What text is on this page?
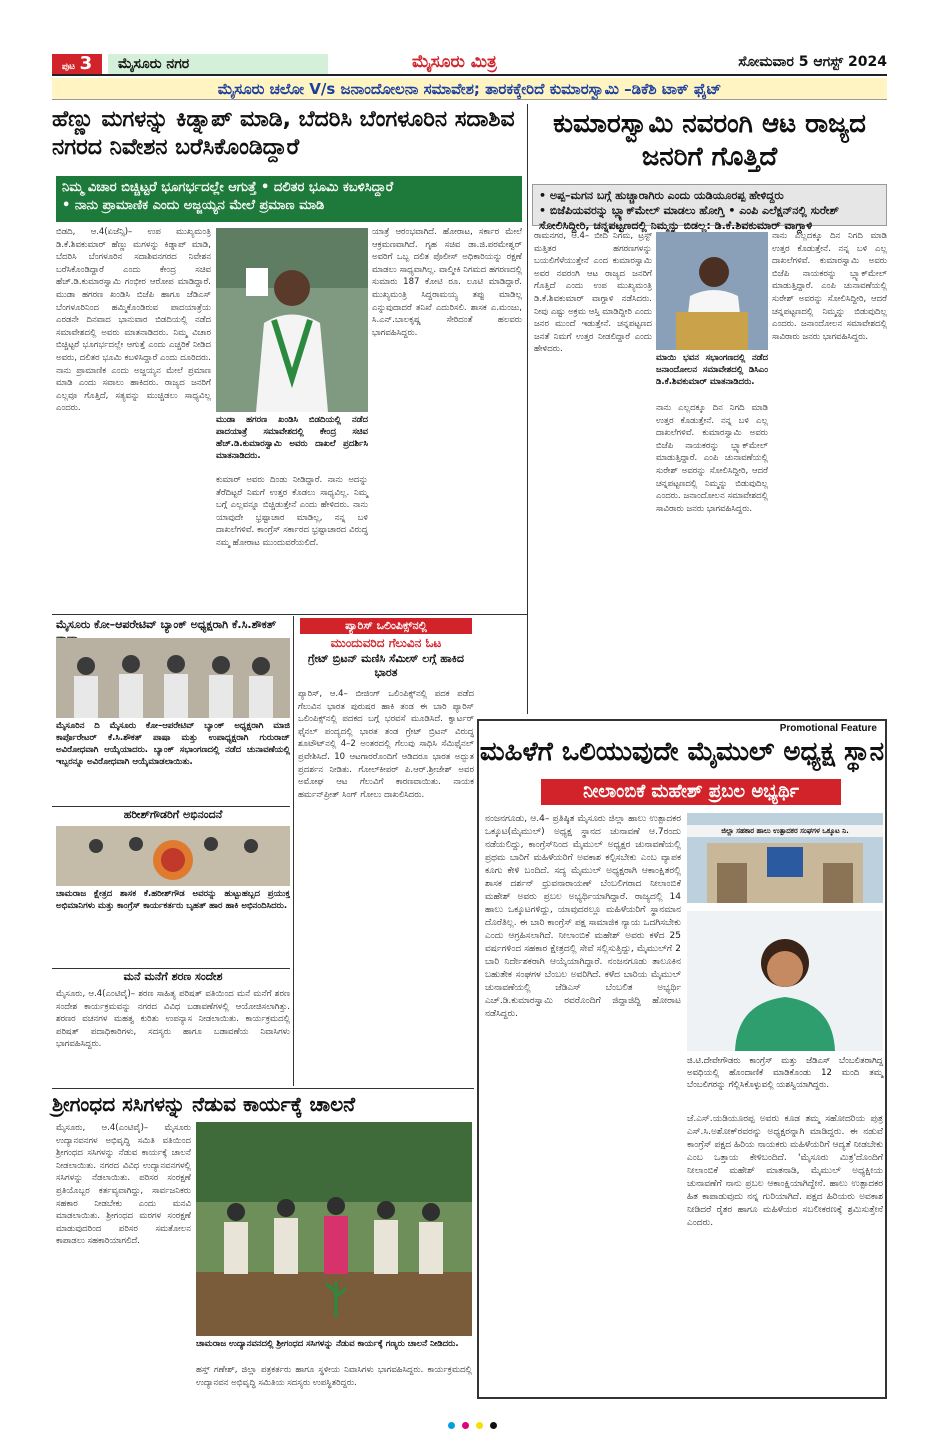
ಪುಟ 3	ಮೈಸೂರು ನಗರ	ಮೈಸೂರು ಮಿತ್ರ	ಸೋಮವಾರ 5 ಆಗಸ್ಟ್ 2024
ಮೈಸೂರು ಚಲೋ V/s ಜನಾಂದೋಲನಾ ಸಮಾವೇಶ; ತಾರಕಕ್ಕೇರಿದೆ ಕುಮಾರಸ್ವಾಮಿ –ಡಿಕೆಶಿ ಟಾಕ್ ಫೈಟ್
ಹೆಣ್ಣು ಮಗಳನ್ನು ಕಿಡ್ನಾಪ್ ಮಾಡಿ, ಬೆದರಿಸಿ ಬೆಂಗಳೂರಿನ ಸದಾಶಿವ ನಗರದ ನಿವೇಶನ ಬರೆಸಿಕೊಂಡಿದ್ದಾರೆ
ನಿಮ್ಮ ವಿಚಾರ ಬಿಚ್ಚಿಟ್ಟರೆ ಭೂಗರ್ಭದಲ್ಲೇ ಆಗುತ್ತೆ • ದಲಿತರ ಭೂಮಿ ಕಬಳಿಸಿದ್ದಾರೆ
• ನಾನು ಪ್ರಾಮಾಣಿಕ ಎಂದು ಅಜ್ಜಯ್ಯನ ಮೇಲೆ ಪ್ರಮಾಣ ಮಾಡಿ
ಬಿಡದಿ, ಆ.4(ಏಜೆನ್ಸಿ)– ಉಪ ಮುಖ್ಯಮಂತ್ರಿ ಡಿ.ಕೆ.ಶಿವಕುಮಾರ್ ಹೆಣ್ಣು ಮಗಳನ್ನು ಕಿಡ್ನಾಪ್ ಮಾಡಿ, ಬೆದರಿಸಿ ಬೆಂಗಳೂರಿನ ಸದಾಶಿವನಗರದ ನಿವೇಶನ ಬರೆಸಿಕೊಂಡಿದ್ದಾರೆ ಎಂದು ಕೇಂದ್ರ ಸಚಿವ ಹೆಚ್.ಡಿ.ಕುಮಾರಸ್ವಾಮಿ ಗಂಭೀರ ಆರೋಪ ಮಾಡಿದ್ದಾರೆ. ಮುಡಾ ಹಗರಣ ಖಂಡಿಸಿ ಬಿಜೆಪಿ ಹಾಗೂ ಜೆಡಿಎಸ್ ಬೆಂಗಳೂರಿನಿಂದ ಹಮ್ಮಿಕೊಂಡಿರುವ ಪಾದಯಾತ್ರೆಯ ಎರಡನೇ ದಿನವಾದ ಭಾನುವಾರ ಬಿಡದಿಯಲ್ಲಿ ನಡೆದ ಸಮಾವೇಶದಲ್ಲಿ ಅವರು ಮಾತನಾಡಿದರು. ನಿಮ್ಮ ವಿಚಾರ ಬಿಚ್ಚಿಟ್ಟರೆ ಭೂಗರ್ಭದಲ್ಲೇ ಆಗುತ್ತೆ ಎಂದು ಎಚ್ಚರಿಕೆ ನೀಡಿದ ಅವರು, ದಲಿತರ ಭೂಮಿ ಕಬಳಿಸಿದ್ದಾರೆ ಎಂದು ದೂರಿದರು. ನಾನು ಪ್ರಾಮಾಣಿಕ ಎಂದು ಅಜ್ಜಯ್ಯನ ಮೇಲೆ ಪ್ರಮಾಣ ಮಾಡಿ ಎಂದು ಸವಾಲು ಹಾಕಿದರು. ರಾಜ್ಯದ ಜನರಿಗೆ ಎಲ್ಲವೂ ಗೊತ್ತಿದೆ, ಸತ್ಯವನ್ನು ಮುಚ್ಚಿಡಲು ಸಾಧ್ಯವಿಲ್ಲ ಎಂದರು.
ಮುಡಾ ಹಗರಣ ಖಂಡಿಸಿ ಬಿಡದಿಯಲ್ಲಿ ನಡೆದ ಪಾದಯಾತ್ರೆ ಸಮಾವೇಶದಲ್ಲಿ ಕೇಂದ್ರ ಸಚಿವ ಹೆಚ್.ಡಿ.ಕುಮಾರಸ್ವಾಮಿ ಅವರು ದಾಖಲೆ ಪ್ರದರ್ಶಿಸಿ ಮಾತನಾಡಿದರು.
ಕುಮಾರ್ ಅವರು ದಿಂಡು ನೀಡಿದ್ದಾರೆ. ನಾನು ಅದನ್ನು ತೆರೆದಿಟ್ಟರೆ ನಿಮಗೆ ಉತ್ತರ ಕೊಡಲು ಸಾಧ್ಯವಿಲ್ಲ. ನಿಮ್ಮ ಬಗ್ಗೆ ಎಲ್ಲವನ್ನೂ ಬಿಚ್ಚಿಡುತ್ತೇನೆ ಎಂದು ಹೇಳಿದರು. ನಾನು ಯಾವುದೇ ಭ್ರಷ್ಟಾಚಾರ ಮಾಡಿಲ್ಲ, ನನ್ನ ಬಳಿ ದಾಖಲೆಗಳಿವೆ. ಕಾಂಗ್ರೆಸ್ ಸರ್ಕಾರದ ಭ್ರಷ್ಟಾಚಾರದ ವಿರುದ್ಧ ನಮ್ಮ ಹೋರಾಟ ಮುಂದುವರೆಯಲಿದೆ.
ಯಾತ್ರೆ ಆರಂಭವಾಗಿದೆ. ಹೋರಾಟ, ಸರ್ಕಾರ ಮೇಲೆ ಆಕ್ರಮಣವಾಗಿದೆ. ಗೃಹ ಸಚಿವ ಡಾ.ಜಿ.ಪರಮೇಶ್ವರ್ ಅವರಿಗೆ ಒಬ್ಬ ದಲಿತ ಪೊಲೀಸ್ ಅಧಿಕಾರಿಯನ್ನು ರಕ್ಷಣೆ ಮಾಡಲು ಸಾಧ್ಯವಾಗಿಲ್ಲ. ವಾಲ್ಮೀಕಿ ನಿಗಮದ ಹಗರಣದಲ್ಲಿ ಸುಮಾರು 187 ಕೋಟಿ ರೂ. ಲೂಟಿ ಮಾಡಿದ್ದಾರೆ. ಮುಖ್ಯಮಂತ್ರಿ ಸಿದ್ದರಾಮಯ್ಯ ತಪ್ಪು ಮಾಡಿಲ್ಲ ಎನ್ನುವುದಾದರೆ ತನಿಖೆ ಎದುರಿಸಲಿ. ಶಾಸಕ ಎ.ಮಂಜು, ಸಿ.ಎನ್.ಬಾಲಕೃಷ್ಣ ಸೇರಿದಂತೆ ಹಲವರು ಭಾಗವಹಿಸಿದ್ದರು.
ಕುಮಾರಸ್ವಾಮಿ ನವರಂಗಿ ಆಟ ರಾಜ್ಯದ ಜನರಿಗೆ ಗೊತ್ತಿದೆ
• ಅಪ್ಪ–ಮಗನ ಬಗ್ಗೆ ಹುಚ್ಚಾರಾಗಿರು ಎಂದು ಯಡಿಯೂರಪ್ಪ ಹೇಳಿದ್ದರು
• ಬಿಜೆಪಿಯವರನ್ನು ಬ್ಲ್ಯಾಕ್‌ಮೇಲ್ ಮಾಡಲು ಹೋಗ್ತಿ • ಎಂಪಿ ಎಲೆಕ್ಷನ್‌ನಲ್ಲಿ ಸುರೇಶ್ ಸೋಲಿಸಿದ್ದೀರಿ, ಚನ್ನಪಟ್ಟಣದಲ್ಲಿ ನಿಮ್ಮನ್ನು ಬಿಡಲ್ಲ: ಡಿ.ಕೆ.ಶಿವಕುಮಾರ್ ವಾಗ್ದಾಳಿ
ರಾಮನಗರ, ಆ.4– ಬೀದಿ ನಿಗಮ, ಟ್ರಸ್ಟ್ ಮತ್ತಿತರ ಹಗರಣಗಳನ್ನು ಬಯಲಿಗೆಳೆಯುತ್ತೇನೆ ಎಂದ ಕುಮಾರಸ್ವಾಮಿ ಅವರ ನವರಂಗಿ ಆಟ ರಾಜ್ಯದ ಜನರಿಗೆ ಗೊತ್ತಿದೆ ಎಂದು ಉಪ ಮುಖ್ಯಮಂತ್ರಿ ಡಿ.ಕೆ.ಶಿವಕುಮಾರ್ ವಾಗ್ದಾಳಿ ನಡೆಸಿದರು. ನೀವು ಎಷ್ಟು ಅಕ್ರಮ ಆಸ್ತಿ ಮಾಡಿದ್ದೀರಿ ಎಂದು ಜನರ ಮುಂದೆ ಇಡುತ್ತೇನೆ. ಚನ್ನಪಟ್ಟಣದ ಜನತೆ ನಿಮಗೆ ಉತ್ತರ ನೀಡಲಿದ್ದಾರೆ ಎಂದು ಹೇಳಿದರು.
ಮಾಯಿ ಭವನ ಸಭಾಂಗಣದಲ್ಲಿ ನಡೆದ ಜನಾಂದೋಲನ ಸಮಾವೇಶದಲ್ಲಿ ಡಿಸಿಎಂ ಡಿ.ಕೆ.ಶಿವಕುಮಾರ್ ಮಾತನಾಡಿದರು.
ನಾನು ಎಲ್ಲದಕ್ಕೂ ದಿನ ನಿಗದಿ ಮಾಡಿ ಉತ್ತರ ಕೊಡುತ್ತೇನೆ. ನನ್ನ ಬಳಿ ಎಲ್ಲ ದಾಖಲೆಗಳಿವೆ. ಕುಮಾರಸ್ವಾಮಿ ಅವರು ಬಿಜೆಪಿ ನಾಯಕರನ್ನು ಬ್ಲ್ಯಾಕ್‌ಮೇಲ್ ಮಾಡುತ್ತಿದ್ದಾರೆ. ಎಂಪಿ ಚುನಾವಣೆಯಲ್ಲಿ ಸುರೇಶ್ ಅವರನ್ನು ಸೋಲಿಸಿದ್ದೀರಿ, ಆದರೆ ಚನ್ನಪಟ್ಟಣದಲ್ಲಿ ನಿಮ್ಮನ್ನು ಬಿಡುವುದಿಲ್ಲ ಎಂದರು. ಜನಾಂದೋಲನ ಸಮಾವೇಶದಲ್ಲಿ ಸಾವಿರಾರು ಜನರು ಭಾಗವಹಿಸಿದ್ದರು.
ನಾನು ಎಲ್ಲದಕ್ಕೂ ದಿನ ನಿಗದಿ ಮಾಡಿ ಉತ್ತರ ಕೊಡುತ್ತೇನೆ. ನನ್ನ ಬಳಿ ಎಲ್ಲ ದಾಖಲೆಗಳಿವೆ. ಕುಮಾರಸ್ವಾಮಿ ಅವರು ಬಿಜೆಪಿ ನಾಯಕರನ್ನು ಬ್ಲ್ಯಾಕ್‌ಮೇಲ್ ಮಾಡುತ್ತಿದ್ದಾರೆ. ಎಂಪಿ ಚುನಾವಣೆಯಲ್ಲಿ ಸುರೇಶ್ ಅವರನ್ನು ಸೋಲಿಸಿದ್ದೀರಿ, ಆದರೆ ಚನ್ನಪಟ್ಟಣದಲ್ಲಿ ನಿಮ್ಮನ್ನು ಬಿಡುವುದಿಲ್ಲ ಎಂದರು. ಜನಾಂದೋಲನ ಸಮಾವೇಶದಲ್ಲಿ ಸಾವಿರಾರು ಜನರು ಭಾಗವಹಿಸಿದ್ದರು.
ಮೈಸೂರು ಕೋ–ಆಪರೇಟಿವ್ ಬ್ಯಾಂಕ್ ಅಧ್ಯಕ್ಷರಾಗಿ ಕೆ.ಸಿ.ಶೌಕತ್
ಮೈಸೂರಿನ ದಿ ಮೈಸೂರು ಕೋ–ಆಪರೇಟಿವ್ ಬ್ಯಾಂಕ್ ಅಧ್ಯಕ್ಷರಾಗಿ ಮಾಜಿ ಕಾರ್ಪೊರೇಟರ್ ಕೆ.ಸಿ.ಶೌಕತ್ ಪಾಷಾ ಮತ್ತು ಉಪಾಧ್ಯಕ್ಷರಾಗಿ ಗುರುರಾಜ್ ಅವಿರೋಧವಾಗಿ ಆಯ್ಕೆಯಾದರು. ಬ್ಯಾಂಕ್ ಸಭಾಂಗಣದಲ್ಲಿ ನಡೆದ ಚುನಾವಣೆಯಲ್ಲಿ ಇಬ್ಬರನ್ನೂ ಅವಿರೋಧವಾಗಿ ಆಯ್ಕೆಮಾಡಲಾಯಿತು.
ಹರೀಶ್‌ಗೌಡರಿಗೆ ಅಭಿನಂದನೆ
ಚಾಮರಾಜ ಕ್ಷೇತ್ರದ ಶಾಸಕ ಕೆ.ಹರೀಶ್‌ಗೌಡ ಅವರನ್ನು ಹುಟ್ಟುಹಬ್ಬದ ಪ್ರಯುಕ್ತ ಅಭಿಮಾನಿಗಳು ಮತ್ತು ಕಾಂಗ್ರೆಸ್ ಕಾರ್ಯಕರ್ತರು ಬೃಹತ್ ಹಾರ ಹಾಕಿ ಅಭಿನಂದಿಸಿದರು.
ಮನೆ ಮನೆಗೆ ಶರಣ ಸಂದೇಶ
ಮೈಸೂರು, ಆ.4(ಎಂಟಿವೈ)– ಶರಣ ಸಾಹಿತ್ಯ ಪರಿಷತ್ ವತಿಯಿಂದ ಮನೆ ಮನೆಗೆ ಶರಣ ಸಂದೇಶ ಕಾರ್ಯಕ್ರಮವನ್ನು ನಗರದ ವಿವಿಧ ಬಡಾವಣೆಗಳಲ್ಲಿ ಆಯೋಜಿಸಲಾಗಿತ್ತು. ಶರಣರ ವಚನಗಳ ಮಹತ್ವ ಕುರಿತು ಉಪನ್ಯಾಸ ನೀಡಲಾಯಿತು. ಕಾರ್ಯಕ್ರಮದಲ್ಲಿ ಪರಿಷತ್ ಪದಾಧಿಕಾರಿಗಳು, ಸದಸ್ಯರು ಹಾಗೂ ಬಡಾವಣೆಯ ನಿವಾಸಿಗಳು ಭಾಗವಹಿಸಿದ್ದರು.
ಪ್ಯಾರಿಸ್ ಒಲಿಂಪಿಕ್ಸ್‌ನಲ್ಲಿ
ಮುಂದುವರಿದ ಗೆಲುವಿನ ಓಟ
ಗ್ರೇಟ್ ಬ್ರಿಟನ್ ಮಣಿಸಿ ಸೆಮೀಸ್ ಲಗ್ಗೆ ಹಾಕಿದ ಭಾರತ
ಪ್ಯಾರಿಸ್, ಆ.4– ಬೀಜಿಂಗ್ ಒಲಿಂಪಿಕ್ಸ್‌ನಲ್ಲಿ ಪದಕ ಪಡೆದ ಗೆಲುವಿನ ಭಾರತ ಪುರುಷರ ಹಾಕಿ ತಂಡ ಈ ಬಾರಿ ಪ್ಯಾರಿಸ್ ಒಲಿಂಪಿಕ್ಸ್‌ನಲ್ಲಿ ಪದಕದ ಬಗ್ಗೆ ಭರವಸೆ ಮೂಡಿಸಿದೆ. ಕ್ವಾರ್ಟರ್ ಫೈನಲ್ ಪಂದ್ಯದಲ್ಲಿ ಭಾರತ ತಂಡ ಗ್ರೇಟ್ ಬ್ರಿಟನ್ ವಿರುದ್ಧ ಶೂಟೌಟ್‌ನಲ್ಲಿ 4–2 ಅಂತರದಲ್ಲಿ ಗೆಲುವು ಸಾಧಿಸಿ ಸೆಮಿಫೈನಲ್ ಪ್ರವೇಶಿಸಿದೆ. 10 ಆಟಗಾರರೊಂದಿಗೆ ಆಡಿದರೂ ಭಾರತ ಅದ್ಭುತ ಪ್ರದರ್ಶನ ನೀಡಿತು. ಗೋಲ್‌ಕೀಪರ್ ಪಿ.ಆರ್.ಶ್ರೀಜೇಶ್ ಅವರ ಅಮೋಘ ಆಟ ಗೆಲುವಿಗೆ ಕಾರಣವಾಯಿತು. ನಾಯಕ ಹರ್ಮನ್‌ಪ್ರೀತ್ ಸಿಂಗ್ ಗೋಲು ದಾಖಲಿಸಿದರು.
ಶ್ರೀಗಂಧದ ಸಸಿಗಳನ್ನು ನೆಡುವ ಕಾರ್ಯಕ್ಕೆ ಚಾಲನೆ
ಮೈಸೂರು, ಆ.4(ಎಂಟಿವೈ)– ಮೈಸೂರು ಉದ್ಯಾನವನಗಳ ಅಭಿವೃದ್ಧಿ ಸಮಿತಿ ವತಿಯಿಂದ ಶ್ರೀಗಂಧದ ಸಸಿಗಳನ್ನು ನೆಡುವ ಕಾರ್ಯಕ್ಕೆ ಚಾಲನೆ ನೀಡಲಾಯಿತು. ನಗರದ ವಿವಿಧ ಉದ್ಯಾನವನಗಳಲ್ಲಿ ಸಸಿಗಳನ್ನು ನೆಡಲಾಯಿತು. ಪರಿಸರ ಸಂರಕ್ಷಣೆ ಪ್ರತಿಯೊಬ್ಬರ ಕರ್ತವ್ಯವಾಗಿದ್ದು, ಸಾರ್ವಜನಿಕರು ಸಹಕಾರ ನೀಡಬೇಕು ಎಂದು ಮನವಿ ಮಾಡಲಾಯಿತು. ಶ್ರೀಗಂಧದ ಮರಗಳ ಸಂರಕ್ಷಣೆ ಮಾಡುವುದರಿಂದ ಪರಿಸರ ಸಮತೋಲನ ಕಾಪಾಡಲು ಸಹಕಾರಿಯಾಗಲಿದೆ.
ಚಾಮರಾಜ ಉದ್ಯಾನವನದಲ್ಲಿ ಶ್ರೀಗಂಧದ ಸಸಿಗಳನ್ನು ನೆಡುವ ಕಾರ್ಯಕ್ಕೆ ಗಣ್ಯರು ಚಾಲನೆ ನೀಡಿದರು.
ಹಸ್ತ್ ಗಣೇಶ್, ಜಿಲ್ಲಾ ಪತ್ರಕರ್ತರು ಹಾಗೂ ಸ್ಥಳೀಯ ನಿವಾಸಿಗಳು ಭಾಗವಹಿಸಿದ್ದರು. ಕಾರ್ಯಕ್ರಮದಲ್ಲಿ ಉದ್ಯಾನವನ ಅಭಿವೃದ್ಧಿ ಸಮಿತಿಯ ಸದಸ್ಯರು ಉಪಸ್ಥಿತರಿದ್ದರು.
Promotional Feature
ಮಹಿಳೆಗೆ ಒಲಿಯುವುದೇ ಮೈಮುಲ್ ಅಧ್ಯಕ್ಷ ಸ್ಥಾನ
ನೀಲಾಂಬಿಕೆ ಮಹೇಶ್ ಪ್ರಬಲ ಅಭ್ಯರ್ಥಿ
ನಂಜನಗೂಡು, ಆ.4– ಪ್ರತಿಷ್ಠಿತ ಮೈಸೂರು ಜಿಲ್ಲಾ ಹಾಲು ಉತ್ಪಾದಕರ ಒಕ್ಕೂಟ(ಮೈಮುಲ್) ಅಧ್ಯಕ್ಷ ಸ್ಥಾನದ ಚುನಾವಣೆ ಆ.7ರಂದು ನಡೆಯಲಿದ್ದು, ಕಾಂಗ್ರೆಸ್‌ನಿಂದ ಮೈಮುಲ್ ಅಧ್ಯಕ್ಷರ ಚುನಾವಣೆಯಲ್ಲಿ ಪ್ರಥಮ ಬಾರಿಗೆ ಮಹಿಳೆಯರಿಗೆ ಅವಕಾಶ ಕಲ್ಪಿಸಬೇಕು ಎಂಬ ವ್ಯಾಪಕ ಕೂಗು ಕೇಳಿ ಬಂದಿದೆ. ಸದ್ಯ ಮೈಮುಲ್ ಅಧ್ಯಕ್ಷರಾಗಿ ಆಕಾಂಕ್ಷಿತರಲ್ಲಿ ಶಾಸಕ ದರ್ಶನ್ ಧ್ರುವನಾರಾಯಣ್ ಬೆಂಬಲಿಗರಾದ ನೀಲಾಂಬಿಕೆ ಮಹೇಶ್ ಅವರು ಪ್ರಬಲ ಅಭ್ಯರ್ಥಿಯಾಗಿದ್ದಾರೆ. ರಾಜ್ಯದಲ್ಲಿ 14 ಹಾಲು ಒಕ್ಕೂಟಗಳಿದ್ದು, ಯಾವುದರಲ್ಲೂ ಮಹಿಳೆಯರಿಗೆ ಸ್ಥಾನಮಾನ ದೊರೆತಿಲ್ಲ. ಈ ಬಾರಿ ಕಾಂಗ್ರೆಸ್ ಪಕ್ಷ ಸಾಮಾಜಿಕ ನ್ಯಾಯ ಒದಗಿಸಬೇಕು ಎಂದು ಆಗ್ರಹಿಸಲಾಗಿದೆ. ನೀಲಾಂಬಿಕೆ ಮಹೇಶ್ ಅವರು ಕಳೆದ 25 ವರ್ಷಗಳಿಂದ ಸಹಕಾರ ಕ್ಷೇತ್ರದಲ್ಲಿ ಸೇವೆ ಸಲ್ಲಿಸುತ್ತಿದ್ದು, ಮೈಮುಲ್‌ಗೆ 2 ಬಾರಿ ನಿರ್ದೇಶಕರಾಗಿ ಆಯ್ಕೆಯಾಗಿದ್ದಾರೆ. ನಂಜನಗೂಡು ತಾಲೂಕಿನ ಬಹುತೇಕ ಸಂಘಗಳ ಬೆಂಬಲ ಅವರಿಗಿದೆ. ಕಳೆದ ಬಾರಿಯ ಮೈಮುಲ್ ಚುನಾವಣೆಯಲ್ಲಿ ಜೆಡಿಎಸ್ ಬೆಂಬಲಿತ ಅಭ್ಯರ್ಥಿ ಎಚ್.ಡಿ.ಕುಮಾರಸ್ವಾಮಿ ರವರೊಂದಿಗೆ ಜಿದ್ದಾಜಿದ್ದಿ ಹೋರಾಟ ನಡೆಸಿದ್ದರು.
ಜಿಲ್ಲಾ ಸಹಕಾರ ಹಾಲು ಉತ್ಪಾದಕರ ಸಂಘಗಳ ಒಕ್ಕೂಟ ನಿ.
ಜಿ.ಟಿ.ದೇವೇಗೌಡರು ಕಾಂಗ್ರೆಸ್ ಮತ್ತು ಜೆಡಿಎಸ್ ಬೆಂಬಲಿತರಾಗಿದ್ದ ಅವಧಿಯಲ್ಲಿ ಹೊಂದಾಣಿಕೆ ಮಾಡಿಕೊಂಡು 12 ಮಂದಿ ತಮ್ಮ ಬೆಂಬಲಿಗರನ್ನು ಗೆಲ್ಲಿಸಿಕೊಳ್ಳುವಲ್ಲಿ ಯಶಸ್ವಿಯಾಗಿದ್ದರು.
ಜೆ.ಎಸ್.ಯಡಿಯೂರಪ್ಪ ಅವರು ಕೂಡ ತಮ್ಮ ಸಹೋದರಿಯ ಪುತ್ರ ಎಸ್.ಸಿ.ಅಶೋಕ್‌ರವರನ್ನು ಅಧ್ಯಕ್ಷರನ್ನಾಗಿ ಮಾಡಿದ್ದರು. ಈ ನಡುವೆ ಕಾಂಗ್ರೆಸ್ ಪಕ್ಷದ ಹಿರಿಯ ನಾಯಕರು ಮಹಿಳೆಯರಿಗೆ ಆದ್ಯತೆ ನೀಡಬೇಕು ಎಂಬ ಒತ್ತಾಯ ಕೇಳಿಬಂದಿದೆ. 'ಮೈಸೂರು ಮಿತ್ರ'ದೊಂದಿಗೆ ನೀಲಾಂಬಿಕೆ ಮಹೇಶ್ ಮಾತನಾಡಿ, ಮೈಮುಲ್ ಅಧ್ಯಕ್ಷೀಯ ಚುನಾವಣೆಗೆ ನಾನು ಪ್ರಬಲ ಆಕಾಂಕ್ಷಿಯಾಗಿದ್ದೇನೆ. ಹಾಲು ಉತ್ಪಾದಕರ ಹಿತ ಕಾಪಾಡುವುದು ನನ್ನ ಗುರಿಯಾಗಿದೆ. ಪಕ್ಷದ ಹಿರಿಯರು ಅವಕಾಶ ನೀಡಿದರೆ ರೈತರ ಹಾಗೂ ಮಹಿಳೆಯರ ಸಬಲೀಕರಣಕ್ಕೆ ಶ್ರಮಿಸುತ್ತೇನೆ ಎಂದರು.
